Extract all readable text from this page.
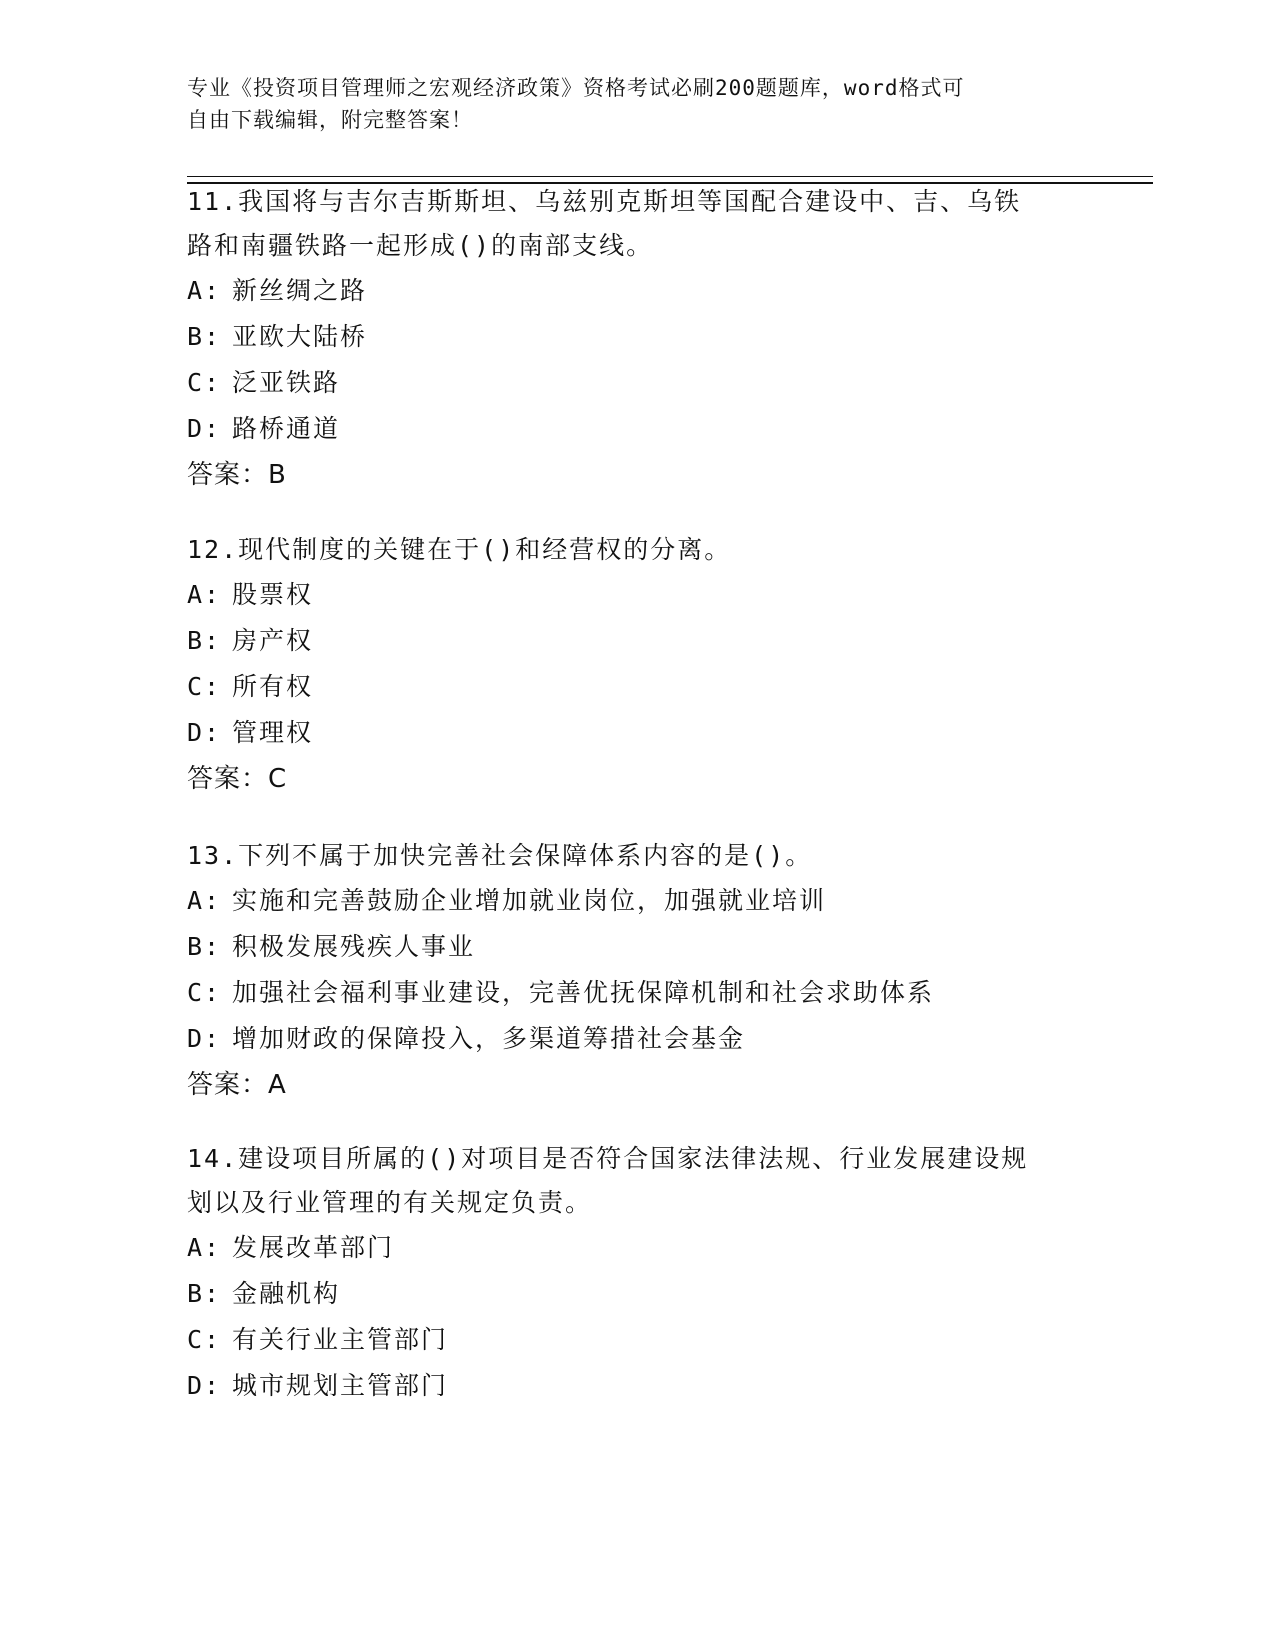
专业《投资项目管理师之宏观经济政策》资格考试必刷200题题库，word格式可
自由下载编辑，附完整答案！
11.我国将与吉尔吉斯斯坦、乌兹别克斯坦等国配合建设中、吉、乌铁
路和南疆铁路一起形成()的南部支线。
A: 新丝绸之路
B: 亚欧大陆桥
C: 泛亚铁路
D: 路桥通道
答案：B
12.现代制度的关键在于()和经营权的分离。
A: 股票权
B: 房产权
C: 所有权
D: 管理权
答案：C
13.下列不属于加快完善社会保障体系内容的是()。
A: 实施和完善鼓励企业增加就业岗位，加强就业培训
B: 积极发展残疾人事业
C: 加强社会福利事业建设，完善优抚保障机制和社会求助体系
D: 增加财政的保障投入，多渠道筹措社会基金
答案：A
14.建设项目所属的()对项目是否符合国家法律法规、行业发展建设规
划以及行业管理的有关规定负责。
A: 发展改革部门
B: 金融机构
C: 有关行业主管部门
D: 城市规划主管部门
